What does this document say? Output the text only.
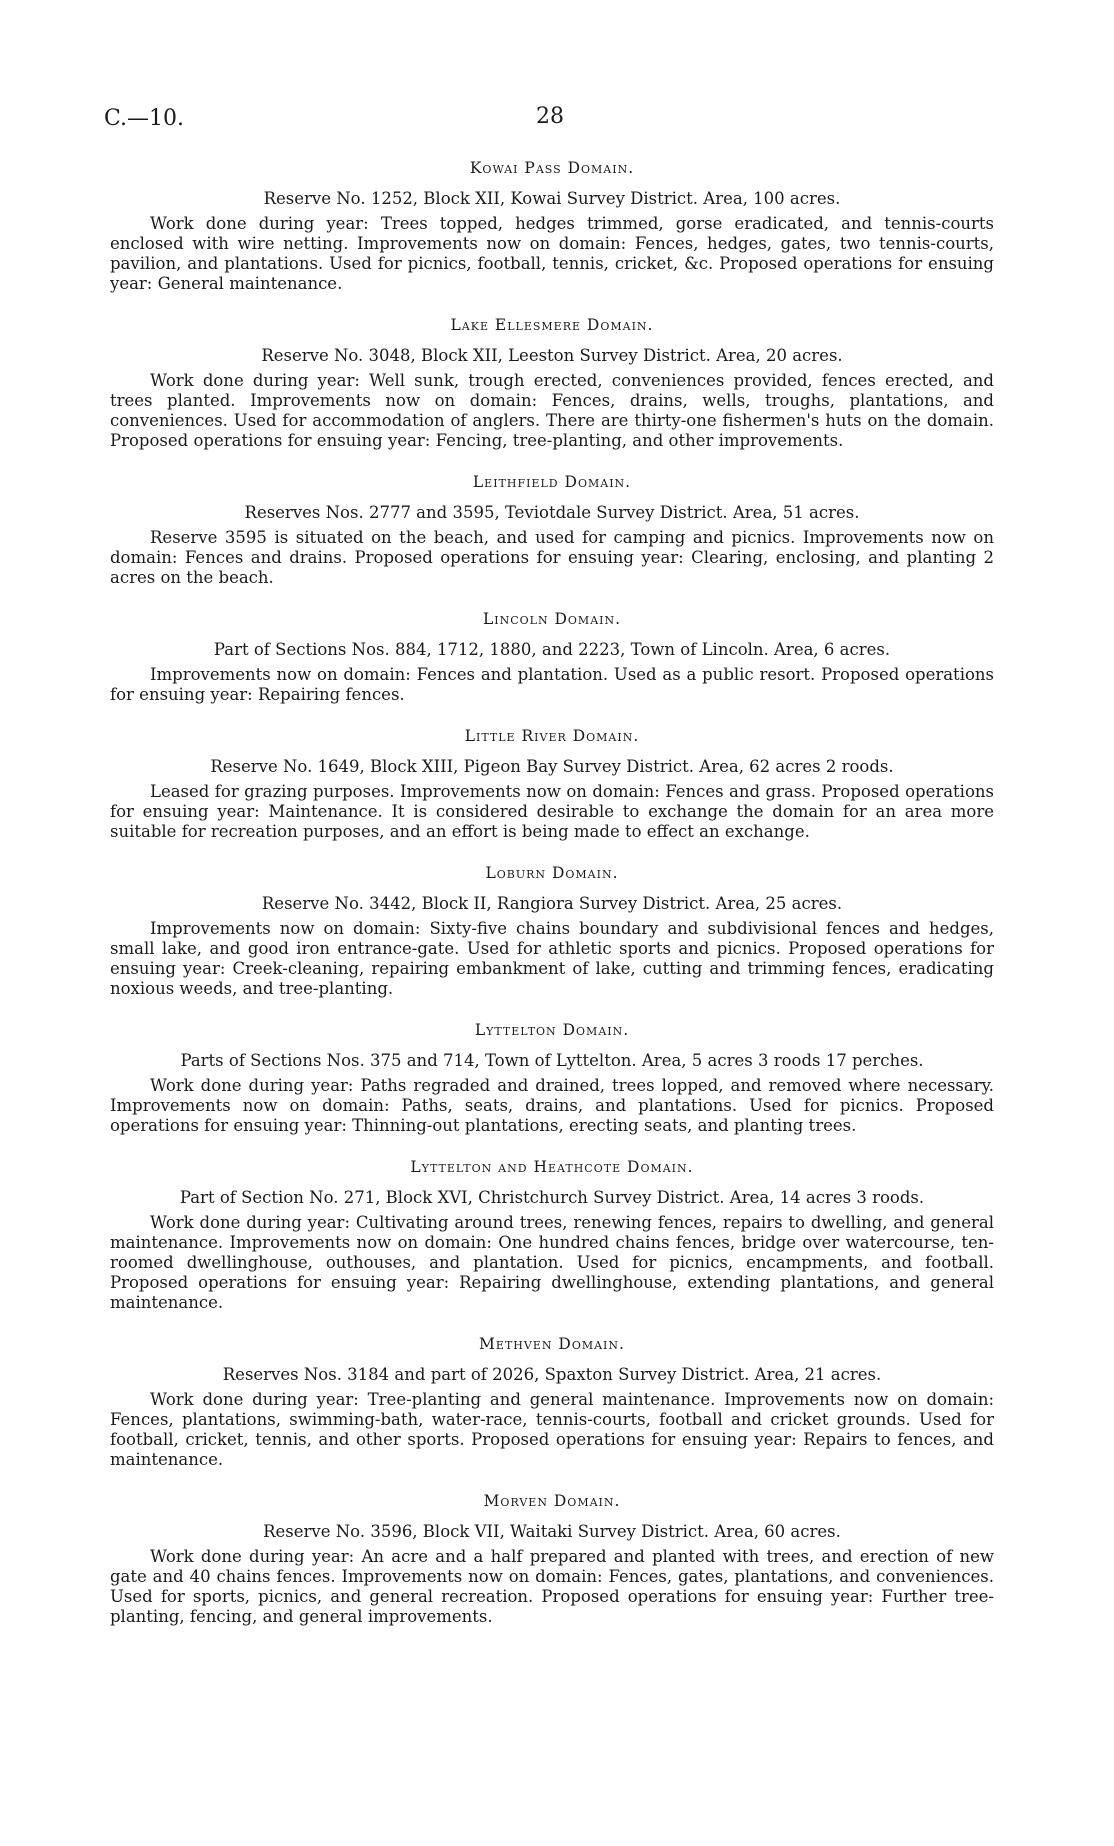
C.—10.	28
Kowai Pass Domain.
Reserve No. 1252, Block XII, Kowai Survey District. Area, 100 acres.

Work done during year: Trees topped, hedges trimmed, gorse eradicated, and tennis-courts enclosed with wire netting. Improvements now on domain: Fences, hedges, gates, two tennis-courts, pavilion, and plantations. Used for picnics, football, tennis, cricket, &c. Proposed operations for ensuing year: General maintenance.

Lake Ellesmere Domain.
Reserve No. 3048, Block XII, Leeston Survey District. Area, 20 acres.

Work done during year: Well sunk, trough erected, conveniences provided, fences erected, and trees planted. Improvements now on domain: Fences, drains, wells, troughs, plantations, and conveniences. Used for accommodation of anglers. There are thirty-one fishermen's huts on the domain. Proposed operations for ensuing year: Fencing, tree-planting, and other improvements.

Leithfield Domain.
Reserves Nos. 2777 and 3595, Teviotdale Survey District. Area, 51 acres.

Reserve 3595 is situated on the beach, and used for camping and picnics. Improvements now on domain: Fences and drains. Proposed operations for ensuing year: Clearing, enclosing, and planting 2 acres on the beach.

Lincoln Domain.
Part of Sections Nos. 884, 1712, 1880, and 2223, Town of Lincoln. Area, 6 acres.

Improvements now on domain: Fences and plantation. Used as a public resort. Proposed operations for ensuing year: Repairing fences.

Little River Domain.
Reserve No. 1649, Block XIII, Pigeon Bay Survey District. Area, 62 acres 2 roods.

Leased for grazing purposes. Improvements now on domain: Fences and grass. Proposed operations for ensuing year: Maintenance. It is considered desirable to exchange the domain for an area more suitable for recreation purposes, and an effort is being made to effect an exchange.

Loburn Domain.
Reserve No. 3442, Block II, Rangiora Survey District. Area, 25 acres.

Improvements now on domain: Sixty-five chains boundary and subdivisional fences and hedges, small lake, and good iron entrance-gate. Used for athletic sports and picnics. Proposed operations for ensuing year: Creek-cleaning, repairing embankment of lake, cutting and trimming fences, eradicating noxious weeds, and tree-planting.

Lyttelton Domain.
Parts of Sections Nos. 375 and 714, Town of Lyttelton. Area, 5 acres 3 roods 17 perches.

Work done during year: Paths regraded and drained, trees lopped, and removed where necessary. Improvements now on domain: Paths, seats, drains, and plantations. Used for picnics. Proposed operations for ensuing year: Thinning-out plantations, erecting seats, and planting trees.

Lyttelton and Heathcote Domain.
Part of Section No. 271, Block XVI, Christchurch Survey District. Area, 14 acres 3 roods.

Work done during year: Cultivating around trees, renewing fences, repairs to dwelling, and general maintenance. Improvements now on domain: One hundred chains fences, bridge over watercourse, ten-roomed dwellinghouse, outhouses, and plantation. Used for picnics, encampments, and football. Proposed operations for ensuing year: Repairing dwellinghouse, extending plantations, and general maintenance.

Methven Domain.
Reserves Nos. 3184 and part of 2026, Spaxton Survey District. Area, 21 acres.

Work done during year: Tree-planting and general maintenance. Improvements now on domain: Fences, plantations, swimming-bath, water-race, tennis-courts, football and cricket grounds. Used for football, cricket, tennis, and other sports. Proposed operations for ensuing year: Repairs to fences, and maintenance.

Morven Domain.
Reserve No. 3596, Block VII, Waitaki Survey District. Area, 60 acres.

Work done during year: An acre and a half prepared and planted with trees, and erection of new gate and 40 chains fences. Improvements now on domain: Fences, gates, plantations, and conveniences. Used for sports, picnics, and general recreation. Proposed operations for ensuing year: Further tree-planting, fencing, and general improvements.
